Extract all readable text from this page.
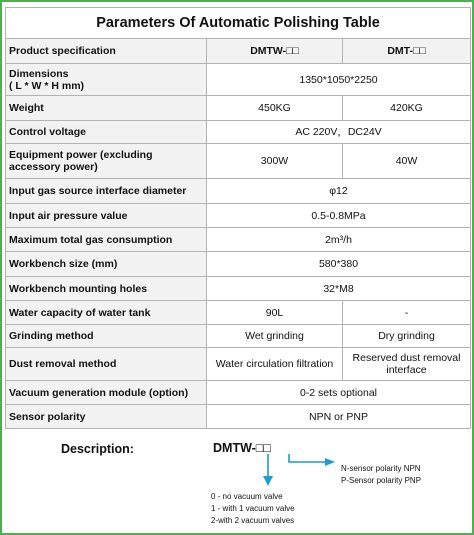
Parameters Of Automatic Polishing Table		
Product specification	DMTW-□□	DMT-□□

Dimensions
( L * W * H mm)	1350*1050*2250	
Weight	450KG	420KG
Control voltage	AC 220V，DC24V	
Equipment power (excluding accessory power)	300W	40W
Input gas source interface diameter	φ12	
Input air pressure value	0.5-0.8MPa	
Maximum total gas consumption	2m³/h	
Workbench size (mm)	580*380	
Workbench mounting holes	32*M8	
Water capacity of water tank	90L	-
Grinding method	Wet grinding	Dry grinding
Dust removal method	Water circulation filtration	Reserved dust removal
interface

Vacuum generation module (option)	0-2 sets optional	
Sensor polarity	NPN or PNP	
Description:	DMTW-□□
N-sensor polarity NPN
P-Sensor polarity PNP
0 - no vacuum valve
1 - with 1 vacuum valve
2-with 2 vacuum valves
